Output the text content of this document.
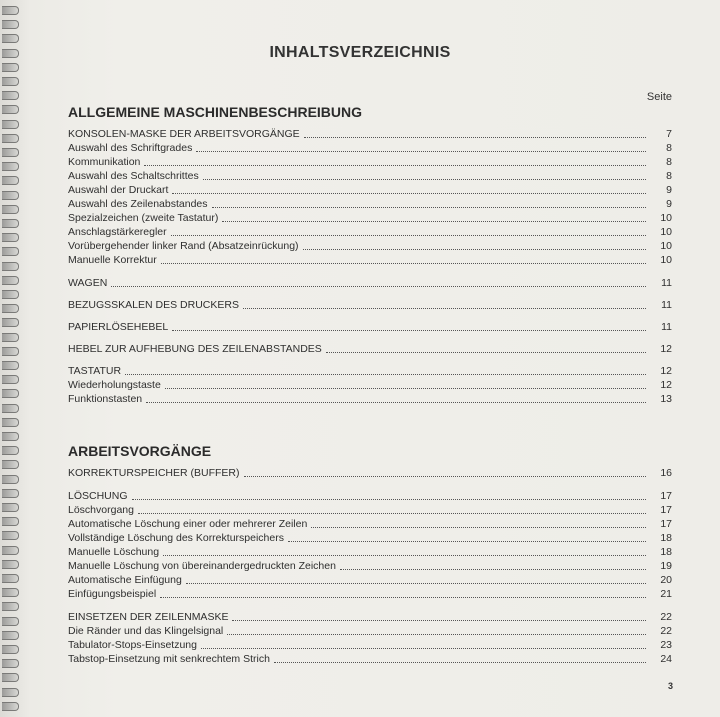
INHALTSVERZEICHNIS
Seite
ALLGEMEINE MASCHINENBESCHREIBUNG
KONSOLEN-MASKE DER ARBEITSVORGÄNGE	7
Auswahl des Schriftgrades	8
Kommunikation	8
Auswahl des Schaltschrittes	8
Auswahl der Druckart	9
Auswahl des Zeilenabstandes	9
Spezialzeichen (zweite Tastatur)	10
Anschlagstärkeregler	10
Vorübergehender linker Rand (Absatzeinrückung)	10
Manuelle Korrektur	10
WAGEN	11
BEZUGSSKALEN DES DRUCKERS	11
PAPIERLÖSEHEBEL	11
HEBEL ZUR AUFHEBUNG DES ZEILENABSTANDES	12
TASTATUR	12
Wiederholungstaste	12
Funktionstasten	13
ARBEITSVORGÄNGE
KORREKTURSPEICHER (BUFFER)	16
LÖSCHUNG	17
Löschvorgang	17
Automatische Löschung einer oder mehrerer Zeilen	17
Vollständige Löschung des Korrekturspeichers	18
Manuelle Löschung	18
Manuelle Löschung von übereinandergedruckten Zeichen	19
Automatische Einfügung	20
Einfügungsbeispiel	21
EINSETZEN DER ZEILENMASKE	22
Die Ränder und das Klingelsignal	22
Tabulator-Stops-Einsetzung	23
Tabstop-Einsetzung mit senkrechtem Strich	24
3
